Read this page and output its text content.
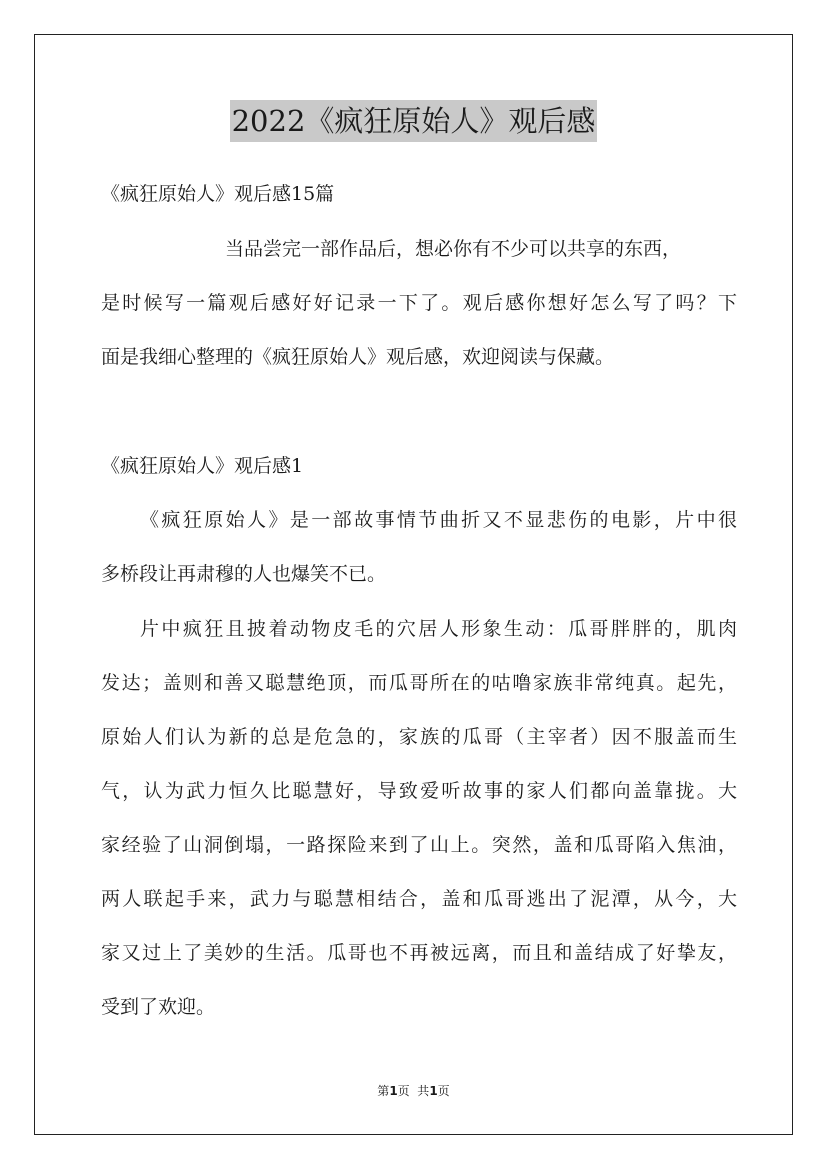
2022《疯狂原始人》观后感
《疯狂原始人》观后感15篇
当品尝完一部作品后，想必你有不少可以共享的东西，
是时候写一篇观后感好好记录一下了。观后感你想好怎么写了吗？下
面是我细心整理的《疯狂原始人》观后感，欢迎阅读与保藏。
《疯狂原始人》观后感1
《疯狂原始人》是一部故事情节曲折又不显悲伤的电影，片中很
多桥段让再肃穆的人也爆笑不已。
片中疯狂且披着动物皮毛的穴居人形象生动：瓜哥胖胖的，肌肉
发达；盖则和善又聪慧绝顶，而瓜哥所在的咕噜家族非常纯真。起先，
原始人们认为新的总是危急的，家族的瓜哥（主宰者）因不服盖而生
气，认为武力恒久比聪慧好，导致爱听故事的家人们都向盖靠拢。大
家经验了山洞倒塌，一路探险来到了山上。突然，盖和瓜哥陷入焦油，
两人联起手来，武力与聪慧相结合，盖和瓜哥逃出了泥潭，从今，大
家又过上了美妙的生活。瓜哥也不再被远离，而且和盖结成了好挚友，
受到了欢迎。
第1页  共1页
